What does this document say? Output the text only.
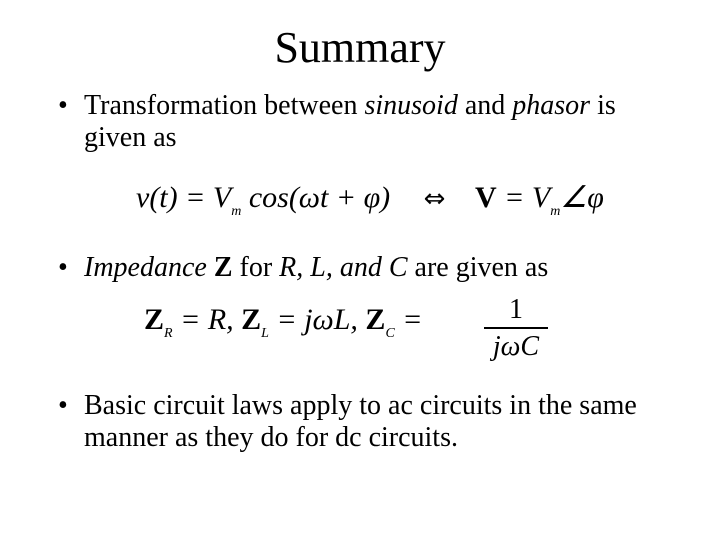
Summary
• Transformation between sinusoid and phasor is given as
$v(t) = V_m$ cos(ωt + φ) ⇔ $V = V_m\angle\varphi$
• Impedance Z for R, L, and C are given as
$Z_R = R$, $Z_L = j\omega L$, $Z_C$ =	1
jωC
• Basic circuit laws apply to ac circuits in the same manner as they do for dc circuits.
